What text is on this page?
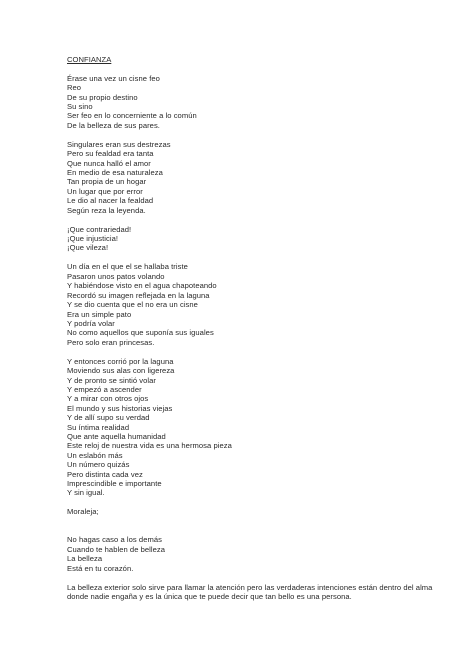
CONFIANZA
Érase una vez un cisne feo
Reo
De su propio destino
Su sino
Ser feo en lo concerniente a lo común
De la belleza de sus pares.
Singulares eran sus destrezas
Pero su fealdad era tanta
Que nunca halló el amor
En medio de esa naturaleza
Tan propia de un hogar
Un lugar que por error
Le dio al nacer la fealdad
Según reza la leyenda.
¡Que contrariedad!
¡Que injusticia!
¡Que vileza!
Un día en el que el se hallaba triste
Pasaron unos patos volando
Y habiéndose visto en el agua chapoteando
Recordó su imagen reflejada en la laguna
Y se dio cuenta que el no era un cisne
Era un simple pato
Y podría volar
No como aquellos que suponía sus iguales
Pero solo eran princesas.
Y entonces corrió por la laguna
Moviendo sus alas con ligereza
Y de pronto se sintió volar
Y empezó a ascender
Y a mirar con otros ojos
El mundo y sus historias viejas
Y de allí supo su verdad
Su íntima realidad
Que ante aquella humanidad
Este reloj de nuestra vida es una hermosa pieza
Un eslabón más
Un número quizás
Pero distinta cada vez
Imprescindible e importante
Y sin igual.
Moraleja;
No hagas caso a los demás
Cuando te hablen de belleza
La belleza
Está en tu corazón.

La belleza exterior solo sirve para llamar la atención pero las verdaderas intenciones están dentro del alma donde nadie engaña y es la única que te puede decir que tan bello es una persona.
